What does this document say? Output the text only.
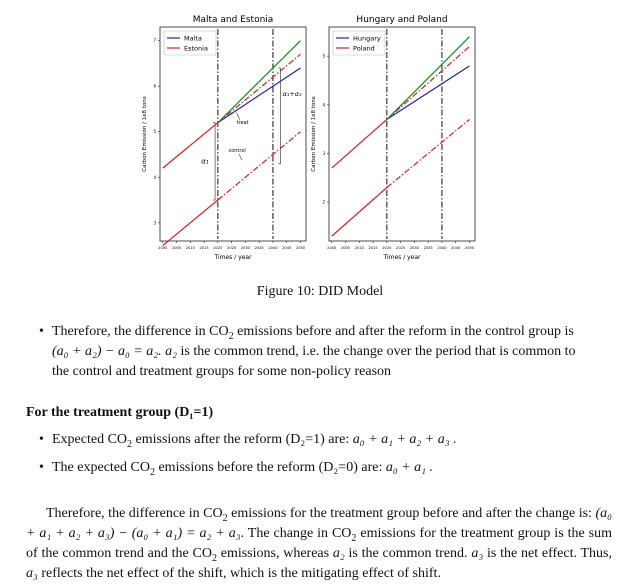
Malta and Estonia
2000 2005 2010 2015 2020 2025 2030 2035 2040 2045 2050
3
4
5
6
7
Times / year
Carbon Emission / 1e8 tons
Malta
Estonia
α₁
α₁+α₃
treat
control
Hungary and Poland
2000 2005 2010 2015 2020 2025 2030 2035 2040 2045 2050
2
3
4
5
Times / year
Carbon Emission / 1e8 tons
Hungary
Poland
Figure 10: DID Model
• Therefore, the difference in $CO_2$ emissions before and after the reform in the control group is
(a₀ + a₂) − a₀ = a₂. a₂ is the common trend, i.e. the change over the period that is common to
the control and treatment groups for some non-policy reason
For the treatment group (D₁=1)
• Expected $CO_2$ emissions after the reform (D₂=1) are: a₀ + a₁ + a₂ + a₃ .
• The expected $CO_2$ emissions before the reform (D₂=0) are: a₀ + a₁ .
Therefore, the difference in $CO_2$ emissions for the treatment group before and after the change is: (a₀ + a₁ + a₂ + a₃) − (a₀ + a₁) = a₂ + a₃. The change in $CO_2$ emissions for the treatment group is the sum of the common trend and the $CO_2$ emissions, whereas a₂ is the common trend. a₃ is the net effect. Thus, a₃ reflects the net effect of the shift, which is the mitigating effect of shift.
